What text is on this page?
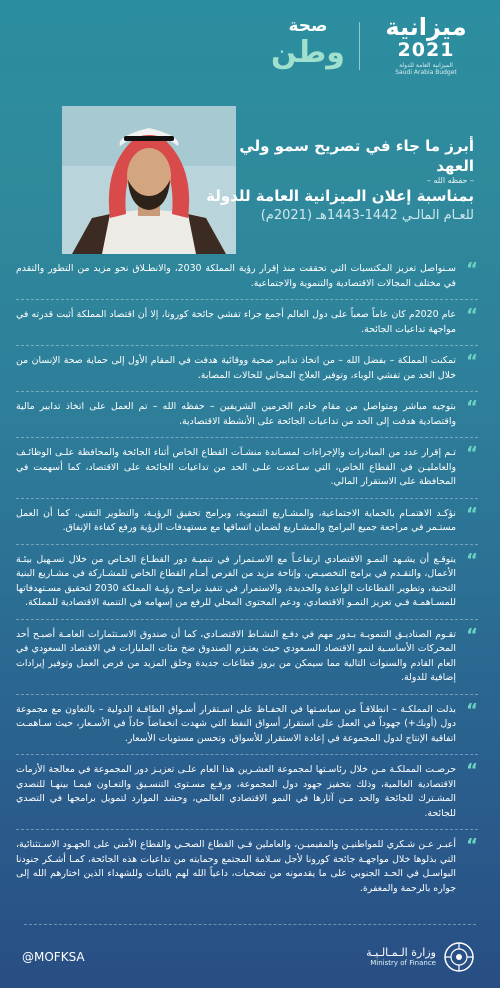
ميزانية
2021
الميزانية العامة للدولة
Saudi Arabia Budget
صحة
وطن
أبرز ما جاء في تصريح سمو ولي العهد
– حفظه الله –
بمناسبة إعلان الميزانية العامة للدولة
للعـام المالـي 1442-1443هـ (2021م)
“
سـنواصل تعزيز المكتسبات التي تحققت منذ إقرار رؤية المملكة 2030، والانطـلاق نحو مزيد من التطور والتقدم في مختلف المجالات الاقتصادية والتنموية والاجتماعية.
“
عام 2020م كان عاماً صعباً على دول العالم أجمع جراء تفشي جائحة كورونا، إلا أن اقتصاد المملكة أثبت قدرته في مواجهة تداعيات الجائحة.
“
تمكنت المملكة – بفضل الله – من اتخاذ تدابير صحية ووقائية هدفت في المقام الأول إلى حماية صحة الإنسان من خلال الحد من تفشي الوباء، وتوفير العلاج المجاني للحالات المصابة.
“
بتوجيه مباشر ومتواصل من مقام خادم الحرمين الشريفين – حفظه الله – تم العمل على اتخاذ تدابير مالية واقتصادية هدفت إلى الحد من تداعيات الجائحة على الأنشطة الاقتصادية.
“
تـم إقرار عدد من المبادرات والإجراءات لمسـاندة منشـآت القطاع الخاص أثناء الجائحة والمحافظة علـى الوظائـف والعامليـن في القطاع الخاص، التي سـاعدت علـى الحد من تداعيات الجائحة على الاقتصاد، كما أسهمت في المحافظة على الاستقرار المالي.
“
نؤكـد الاهتمـام بالحماية الاجتماعية، والمشـاريع التنموية، وبرامج تحقيق الرؤيـة، والتطوير التقني، كما أن العمل مستـمر في مراجعة جميع البرامج والمشـاريع لضمان اتساقها مع مستهدفات الرؤية ورفع كفاءة الإنفاق.
“
يتوقـع أن يشـهد النمـو الاقتصادي ارتفاعـاً مع الاسـتمرار في تنميـة دور القطـاع الخـاص من خلال تسـهيل بيئـة الأعمال، والتقـدم في برامج التخصيـص، وإتاحة مزيد من الفرص أمـام القطاع الخاص للمشـاركة في مشـاريع البنية التحتية، وتطوير القطاعات الواعدة والجديدة، والاستمرار في تنفيذ برامـج رؤيـة المملكة 2030 لتحقيق مسـتهدفاتها للمسـاهمـة فـي تعزيز النمـو الاقتصادي، ودعم المحتوى المحلي للرفع من إسهامه في التنمية الاقتصادية للمملكة.
“
تقـوم الصناديـق التنمويـة بـدور مهم في دفـع النشـاط الاقتصـادي، كما أن صندوق الاسـتثمارات العامـة أصبـح أحد المحركات الأساسـية لنمو الاقتصاد السـعودي حيث يعتـزم الصندوق ضخ مئات المليارات في الاقتصاد السعودي في العام القادم والسنوات التالية مما سيمكن من بروز قطاعات جديدة وخلق المزيد من فرص العمل وتوفير إيرادات إضافية للدولة.
“
بذلت المملكـة – انطلاقـاً من سياسـتها في الحفـاظ على اسـتقرار أسـواق الطاقـة الدولية – بالتعاون مع مجموعة دول (أوبك+) جهوداً في العمل على استقرار أسواق النفط التي شهدت انخفاضاً حاداً في الأسـعار، حيث سـاهمـت اتفاقية الإنتاج لدول المجموعة في إعادة الاستقرار للأسواق، وتحسن مستويات الأسعار.
“
حرصـت المملكـة مـن خلال رئاسـتها لمجموعة العشـرين هذا العام علـى تعزيـز دور المجموعة في معالجة الأزمات الاقتصادية العالمية، وذلك بتحفيز جهود دول المجموعة، ورفـع مسـتوى التنسـيق والتعـاون فيمـا بينهـا للتصدي المشـترك للجائحة والحد مـن آثارها في النمو الاقتصادي العالمي، وحشد الموارد لتمويل برامجها في التصدي للجائحة.
“
أعبـر عـن شـكري للمواطنيـن والمقيميـن، والعاملين فـي القطاع الصحـي والقطاع الأمني على الجهـود الاسـتثنائية، التي بذلوها خلال مواجهـة جائحة كورونا لأجل سـلامة المجتمع وحمايته من تداعيات هذه الجائحة، كمـا أشـكر جنودنا البواسـل في الحـد الجنوبي على ما يقدمونه من تضحيات، داعياً الله لهم بالثبات وللشهداء الذين اختارهم الله إلى جواره بالرحمة والمغفرة.
@MOFKSA	وزارة الـمـالـيـة
Ministry of Finance
